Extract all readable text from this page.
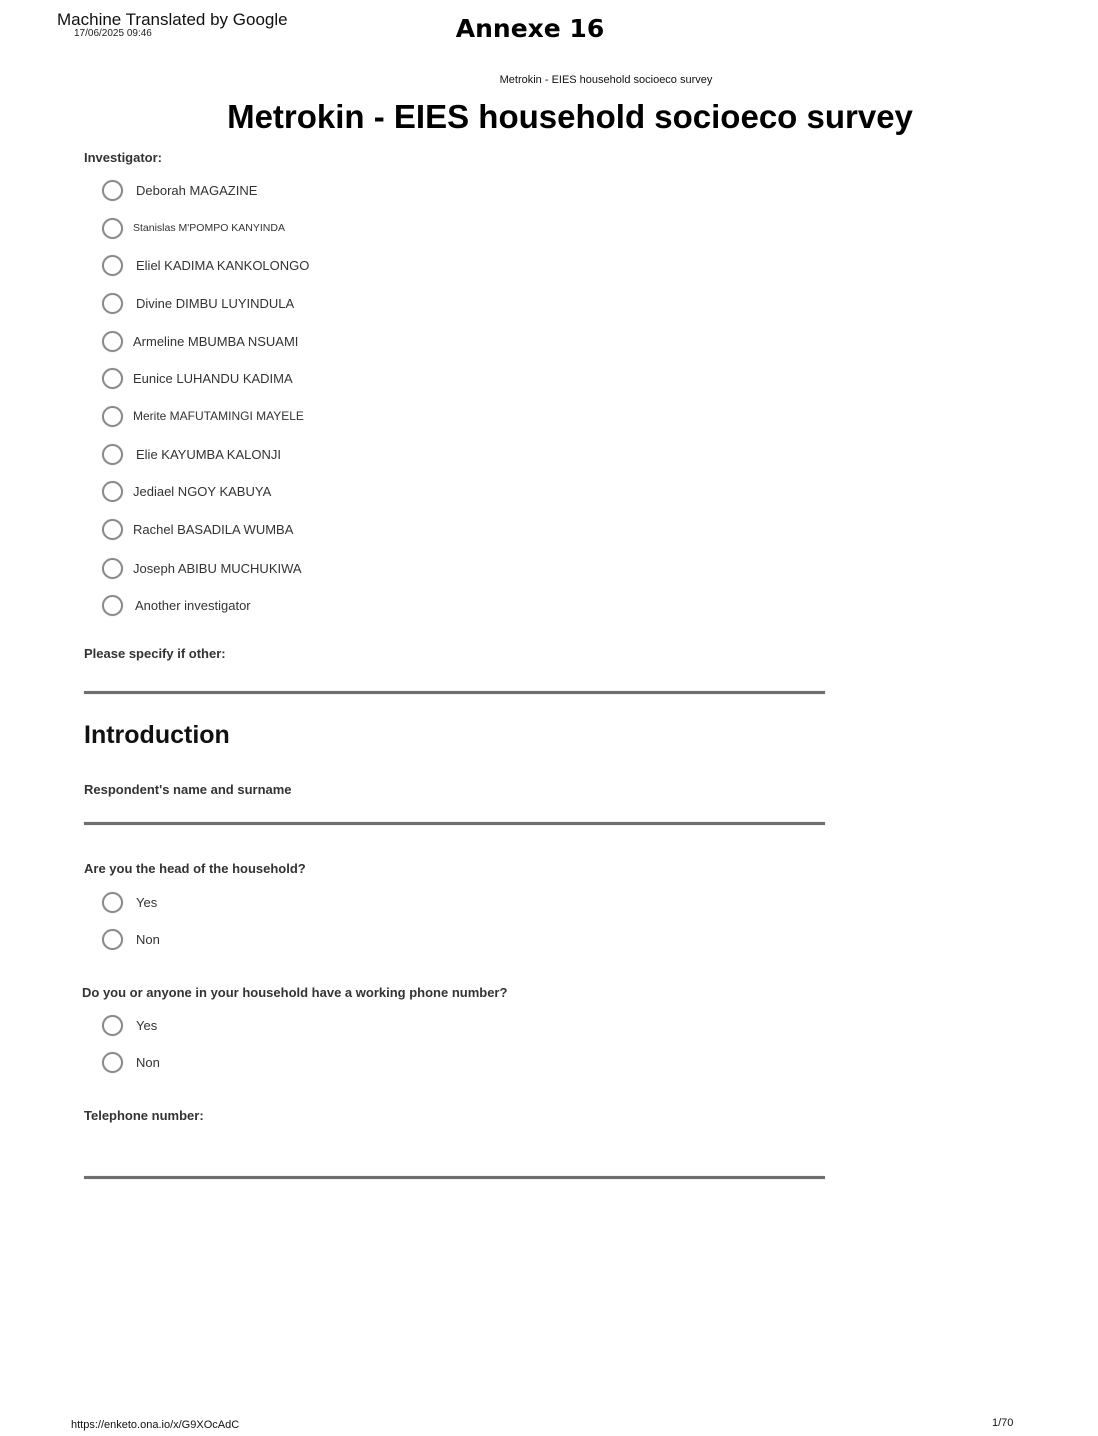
Machine Translated by Google
17/06/2025 09:46	Annexe 16
Metrokin - EIES household socioeco survey
Metrokin - EIES household socioeco survey
Investigator:
Deborah MAGAZINE
Stanislas M'POMPO KANYINDA
Eliel KADIMA KANKOLONGO
Divine DIMBU LUYINDULA
Armeline MBUMBA NSUAMI
Eunice LUHANDU KADIMA
Merite MAFUTAMINGI MAYELE
Elie KAYUMBA KALONJI
Jediael NGOY KABUYA
Rachel BASADILA WUMBA
Joseph ABIBU MUCHUKIWA
Another investigator
Please specify if other:
Introduction
Respondent's name and surname
Are you the head of the household?
Yes
Non
Do you or anyone in your household have a working phone number?
Yes
Non
Telephone number:
https://enketo.ona.io/x/G9XOcAdC	1/70
